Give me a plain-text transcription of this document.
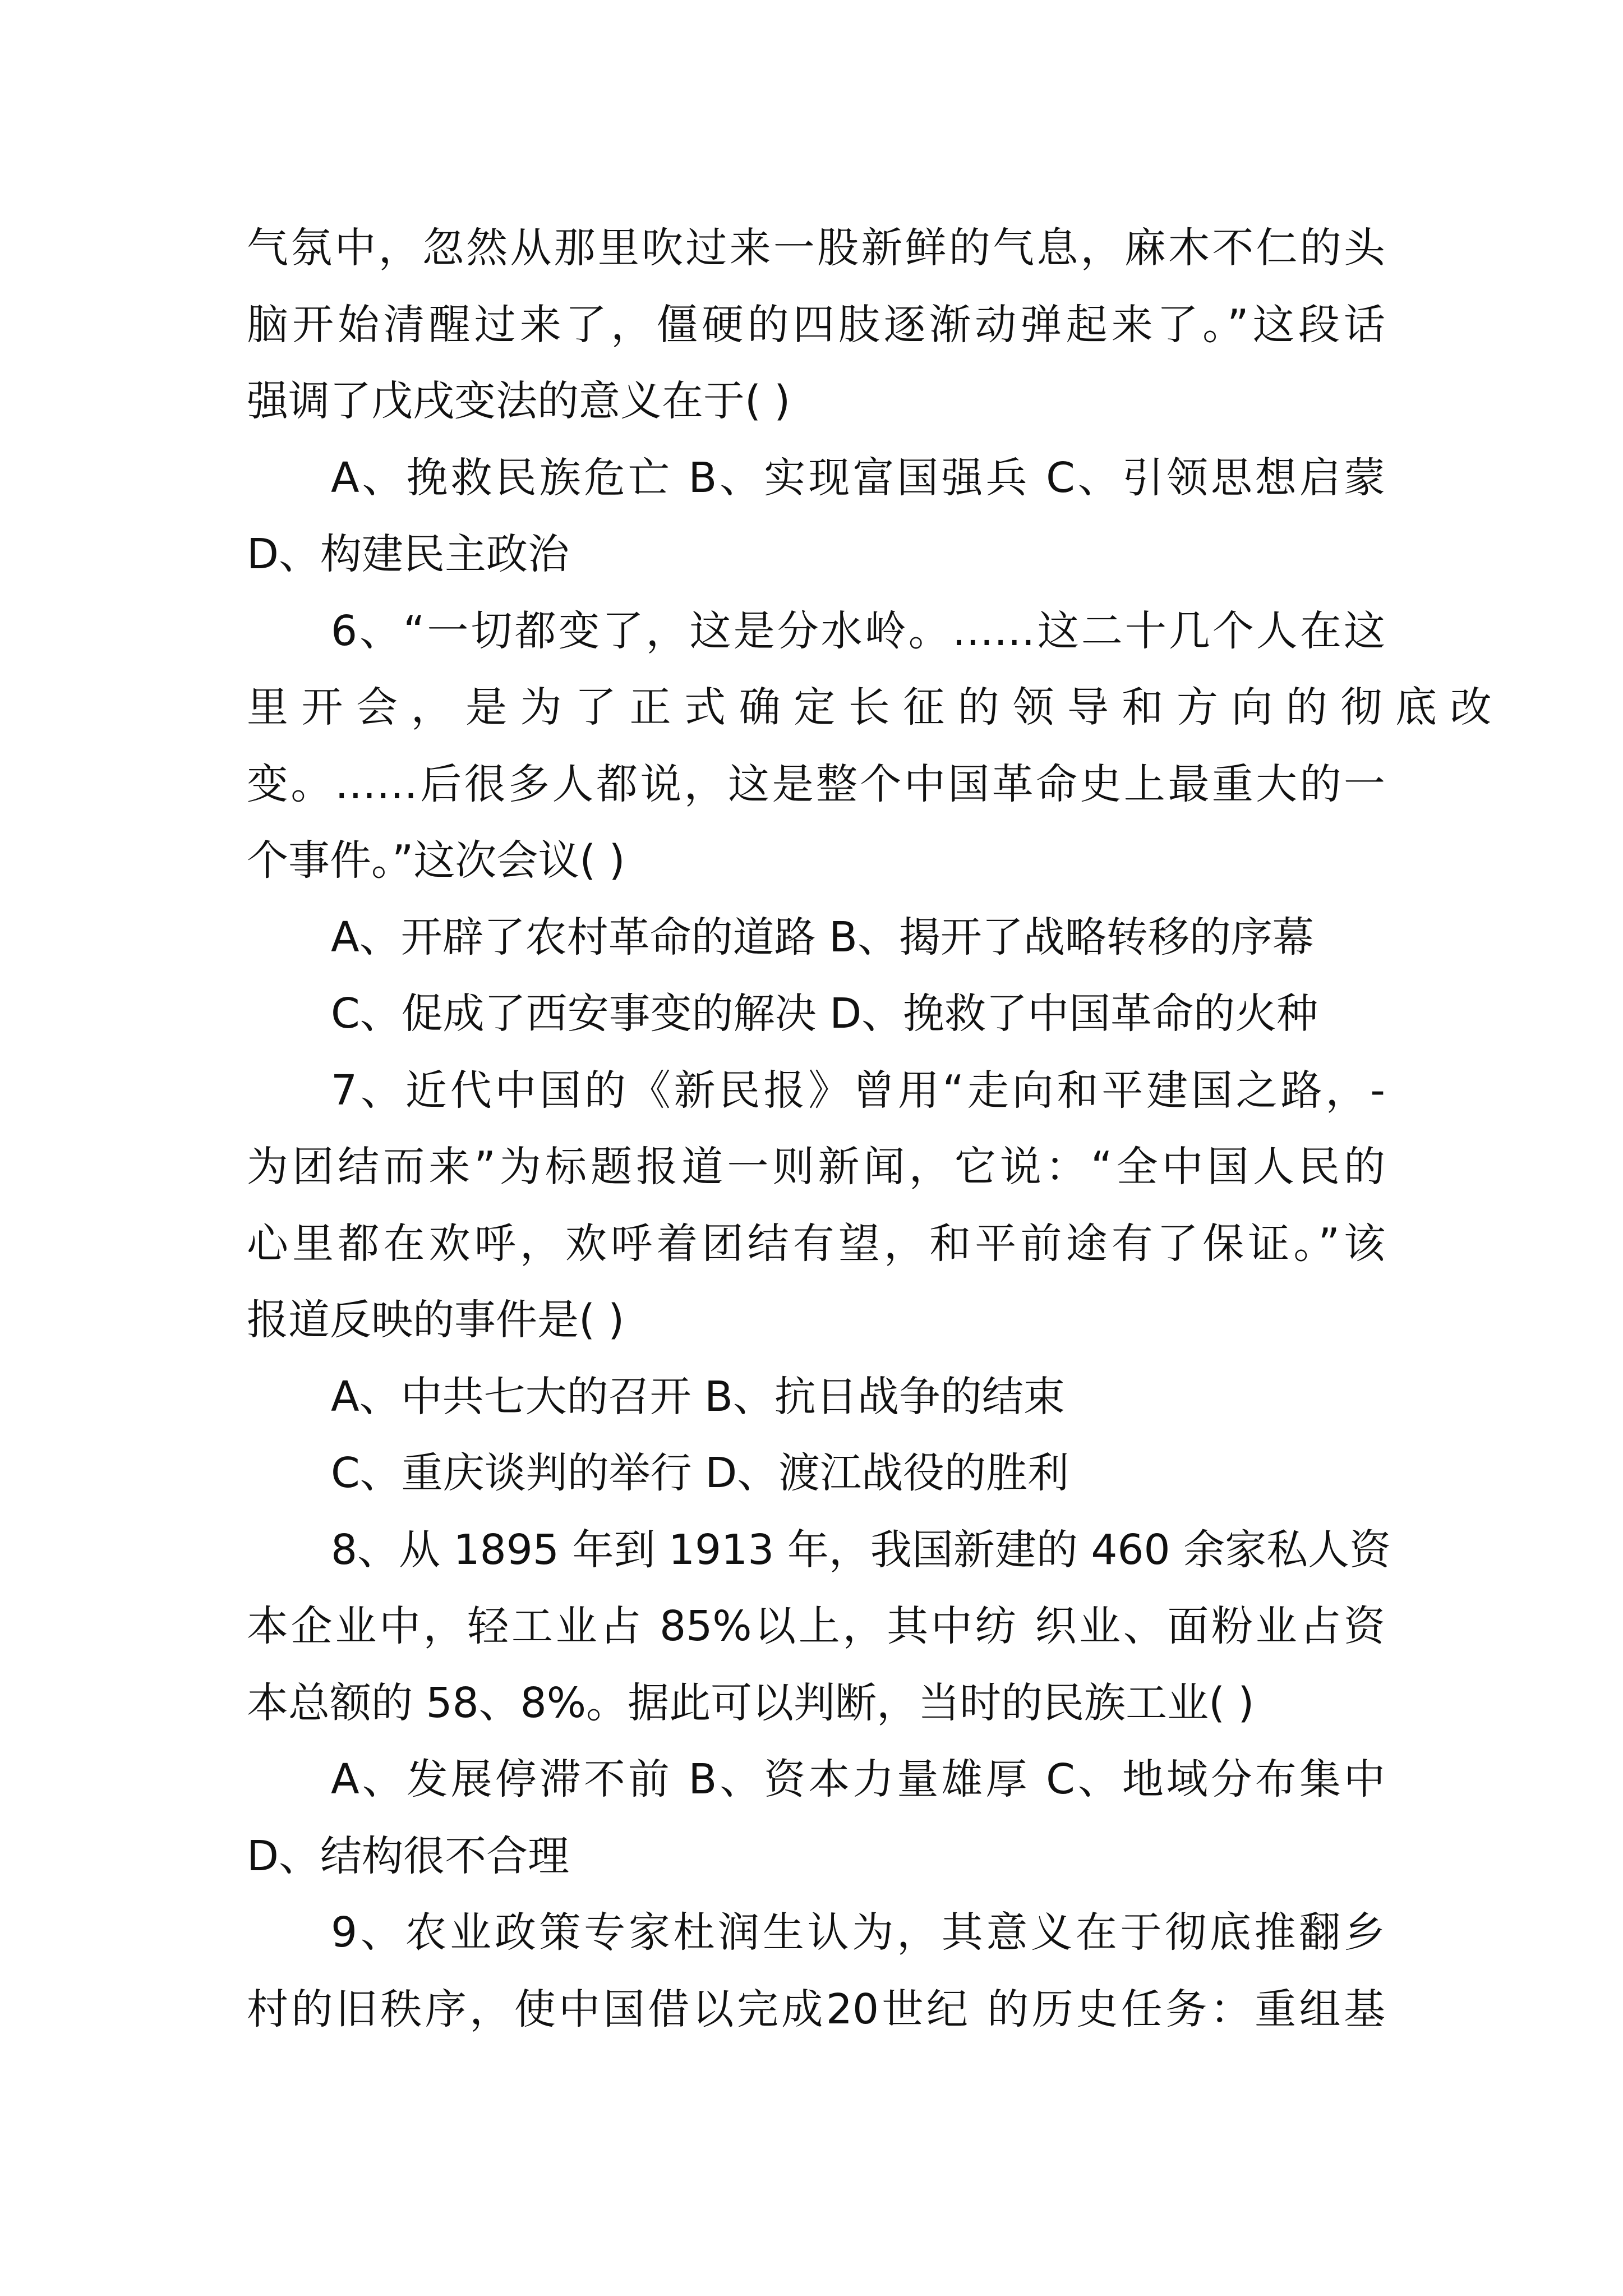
气氛中，忽然从那里吹过来一股新鲜的气息，麻木不仁的头
脑开始清醒过来了，僵硬的四肢逐渐动弹起来了。”这段话
强调了戊戌变法的意义在于( )
A、挽救民族危亡 B、实现富国强兵 C、引领思想启蒙
D、构建民主政治
6、“一切都变了，这是分水岭。……这二十几个人在这
里 开 会 ， 是 为 了 正 式 确 定 长 征 的 领 导 和 方 向 的 彻 底 改
变。……后很多人都说，这是整个中国革命史上最重大的一
个事件。”这次会议( )
A、开辟了农村革命的道路 B、揭开了战略转移的序幕
C、促成了西安事变的解决 D、挽救了中国革命的火种
7、近代中国的《新民报》曾用“走向和平建国之路，-
为团结而来”为标题报道一则新闻，它说：“全中国人民的
心里都在欢呼，欢呼着团结有望，和平前途有了保证。”该
报道反映的事件是( )
A、中共七大的召开 B、抗日战争的结束
C、重庆谈判的举行 D、渡江战役的胜利
8、从 1895 年到 1913 年，我国新建的 460 余家私人资
本企业中，轻工业占 85%以上，其中纺 织业、面粉业占资
本总额的 58、8%。据此可以判断，当时的民族工业( )
A、发展停滞不前 B、资本力量雄厚 C、地域分布集中
D、结构很不合理
9、农业政策专家杜润生认为，其意义在于彻底推翻乡
村的旧秩序，使中国借以完成20世纪 的历史任务：重组基
